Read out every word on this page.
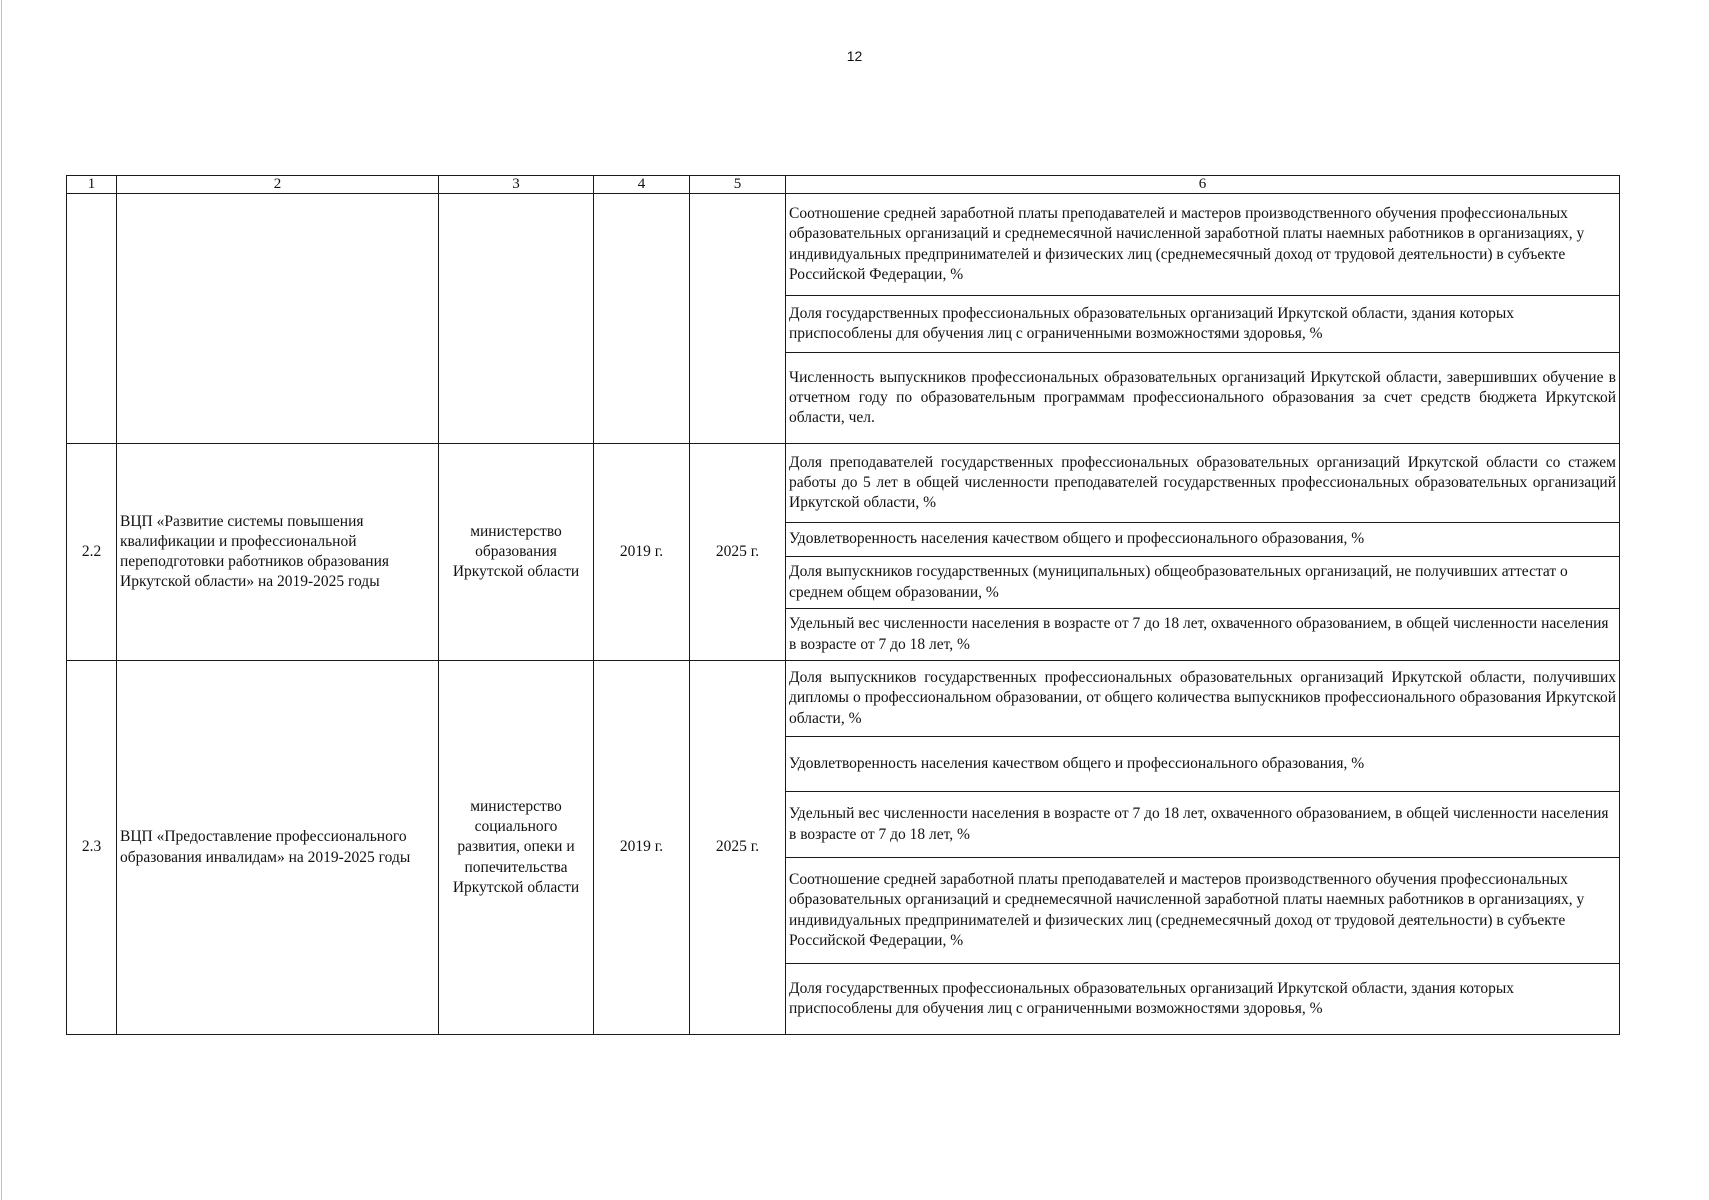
12
1	2	3	4	5	6
					Соотношение средней заработной платы преподавателей и мастеров производственного обучения профессиональных образовательных организаций и среднемесячной начисленной заработной платы наемных работников в организациях, у индивидуальных предпринимателей и физических лиц (среднемесячный доход от трудовой деятельности) в субъекте Российской Федерации, %
					Доля государственных профессиональных образовательных организаций Иркутской области, здания которых приспособлены для обучения лиц с ограниченными возможностями здоровья, %
					Численность выпускников профессиональных образовательных организаций Иркутской области, завершивших обучение в отчетном году по образовательным программам профессионального образования за счет средств бюджета Иркутской области, чел.
2.2	ВЦП «Развитие системы повышения квалификации и профессиональной переподготовки работников образования Иркутской области» на 2019-2025 годы	министерство образования Иркутской области	2019 г.	2025 г.	Доля преподавателей государственных профессиональных образовательных организаций Иркутской области со стажем работы до 5 лет в общей численности преподавателей государственных профессиональных образовательных организаций Иркутской области, %
					Удовлетворенность населения качеством общего и профессионального образования, %
					Доля выпускников государственных (муниципальных) общеобразовательных организаций, не получивших аттестат о среднем общем образовании, %
					Удельный вес численности населения в возрасте от 7 до 18 лет, охваченного образованием, в общей численности населения в возрасте от 7 до 18 лет, %
2.3	ВЦП «Предоставление профессионального образования инвалидам» на 2019-2025 годы	министерство социального развития, опеки и попечительства Иркутской области	2019 г.	2025 г.	Доля выпускников государственных профессиональных образовательных организаций Иркутской области, получивших дипломы о профессиональном образовании, от общего количества выпускников профессионального образования Иркутской области, %
					Удовлетворенность населения качеством общего и профессионального образования, %
					Удельный вес численности населения в возрасте от 7 до 18 лет, охваченного образованием, в общей численности населения в возрасте от 7 до 18 лет, %
					Соотношение средней заработной платы преподавателей и мастеров производственного обучения профессиональных образовательных организаций и среднемесячной начисленной заработной платы наемных работников в организациях, у индивидуальных предпринимателей и физических лиц (среднемесячный доход от трудовой деятельности) в субъекте Российской Федерации, %
					Доля государственных профессиональных образовательных организаций Иркутской области, здания которых приспособлены для обучения лиц с ограниченными возможностями здоровья, %
